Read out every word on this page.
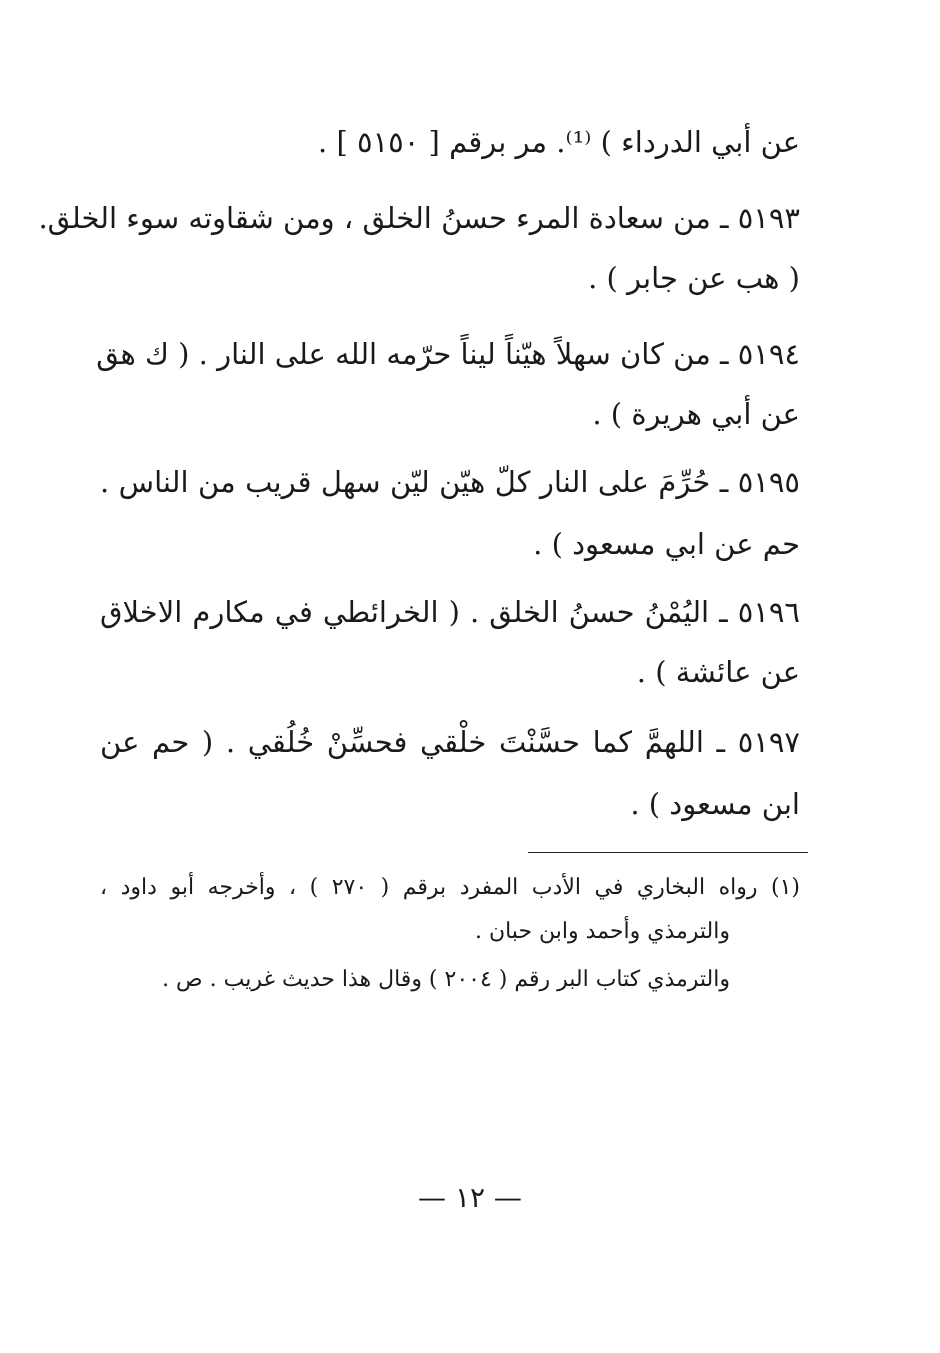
عن أبي الدرداء ) ⁽¹⁾. مر برقم [ ٥١٥٠ ] .
٥١٩٣ ـ من سعادة المرء حسنُ الخلق ، ومن شقاوته سوء الخلق.
( هب عن جابر ) .
٥١٩٤ ـ من كان سهلاً هيّناً ليناً حرّمه الله على النار . ( ك هق
عن أبي هريرة ) .
٥١٩٥ ـ حُرِّمَ على النار كلّ هيّن ليّن سهل قريب من الناس .
حم عن ابي مسعود ) .
٥١٩٦ ـ اليُمْنُ حسنُ الخلق . ( الخرائطي في مكارم الاخلاق
عن عائشة ) .
٥١٩٧ ـ اللهمَّ كما حسَّنْتَ خلْقي فحسِّنْ خُلُقي . ( حم عن
ابن مسعود ) .
(١) رواه البخاري في الأدب المفرد برقم ( ٢٧٠ ) ، وأخرجه أبو داود ،
والترمذي وأحمد وابن حبان .
والترمذي كتاب البر رقم ( ٢٠٠٤ ) وقال هذا حديث غريب . ص .
— ١٢ —
